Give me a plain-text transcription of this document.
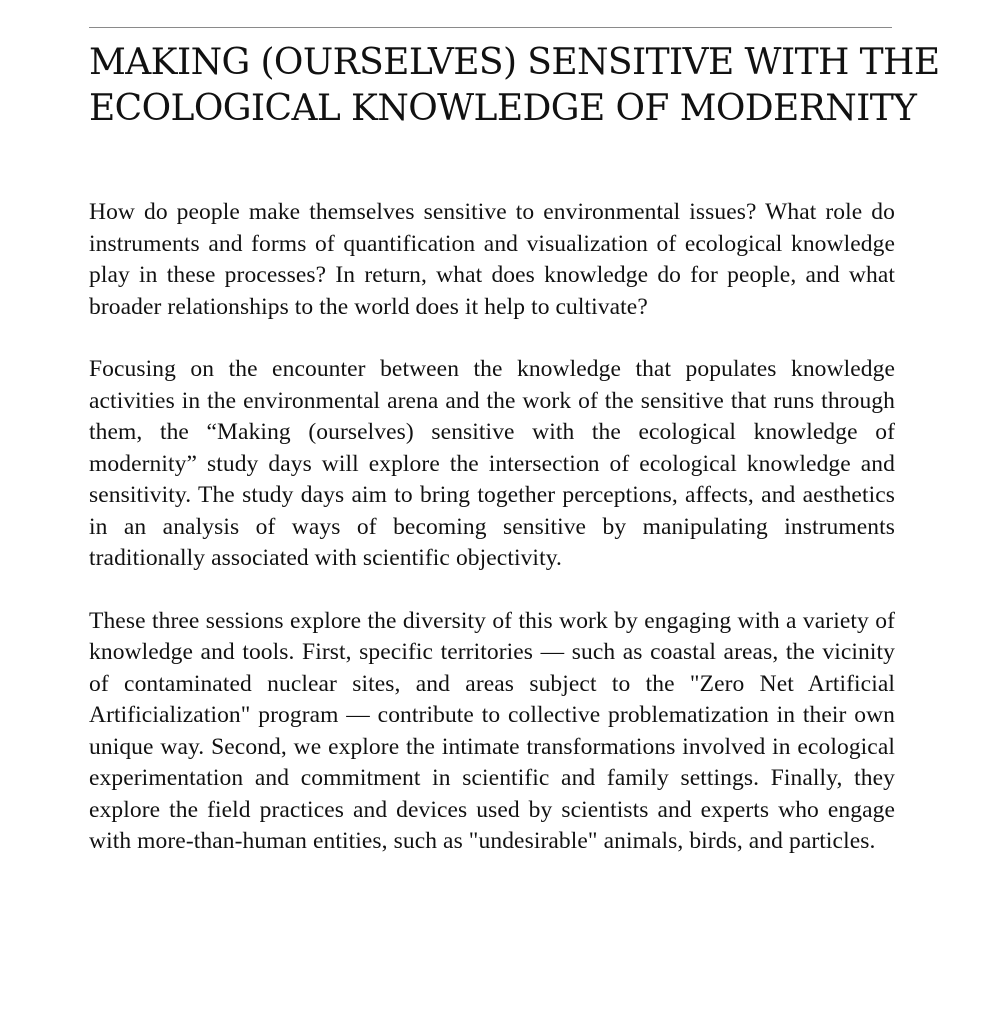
MAKING (OURSELVES) SENSITIVE WITH THE
ECOLOGICAL KNOWLEDGE OF MODERNITY

How do people make themselves sensitive to environmental issues? What role do instruments and forms of quantification and visualization of ecological knowledge play in these processes? In return, what does knowledge do for people, and what broader relationships to the world does it help to cultivate?

Focusing on the encounter between the knowledge that populates knowledge activities in the environmental arena and the work of the sensitive that runs through them, the “Making (ourselves) sensitive with the ecological knowledge of modernity” study days will explore the intersection of ecological knowledge and sensitivity. The study days aim to bring together perceptions, affects, and aesthetics in an analysis of ways of becoming sensitive by manipulating instruments traditionally associated with scientific objectivity.

These three sessions explore the diversity of this work by engaging with a variety of knowledge and tools. First, specific territories — such as coastal areas, the vicinity of contaminated nuclear sites, and areas subject to the "Zero Net Artificial Artificialization" program — contribute to collective problematization in their own unique way. Second, we explore the intimate transformations involved in ecological experimentation and commitment in scientific and family settings. Finally, they explore the field practices and devices used by scientists and experts who engage with more-than-human entities, such as "undesirable" animals, birds, and particles.
